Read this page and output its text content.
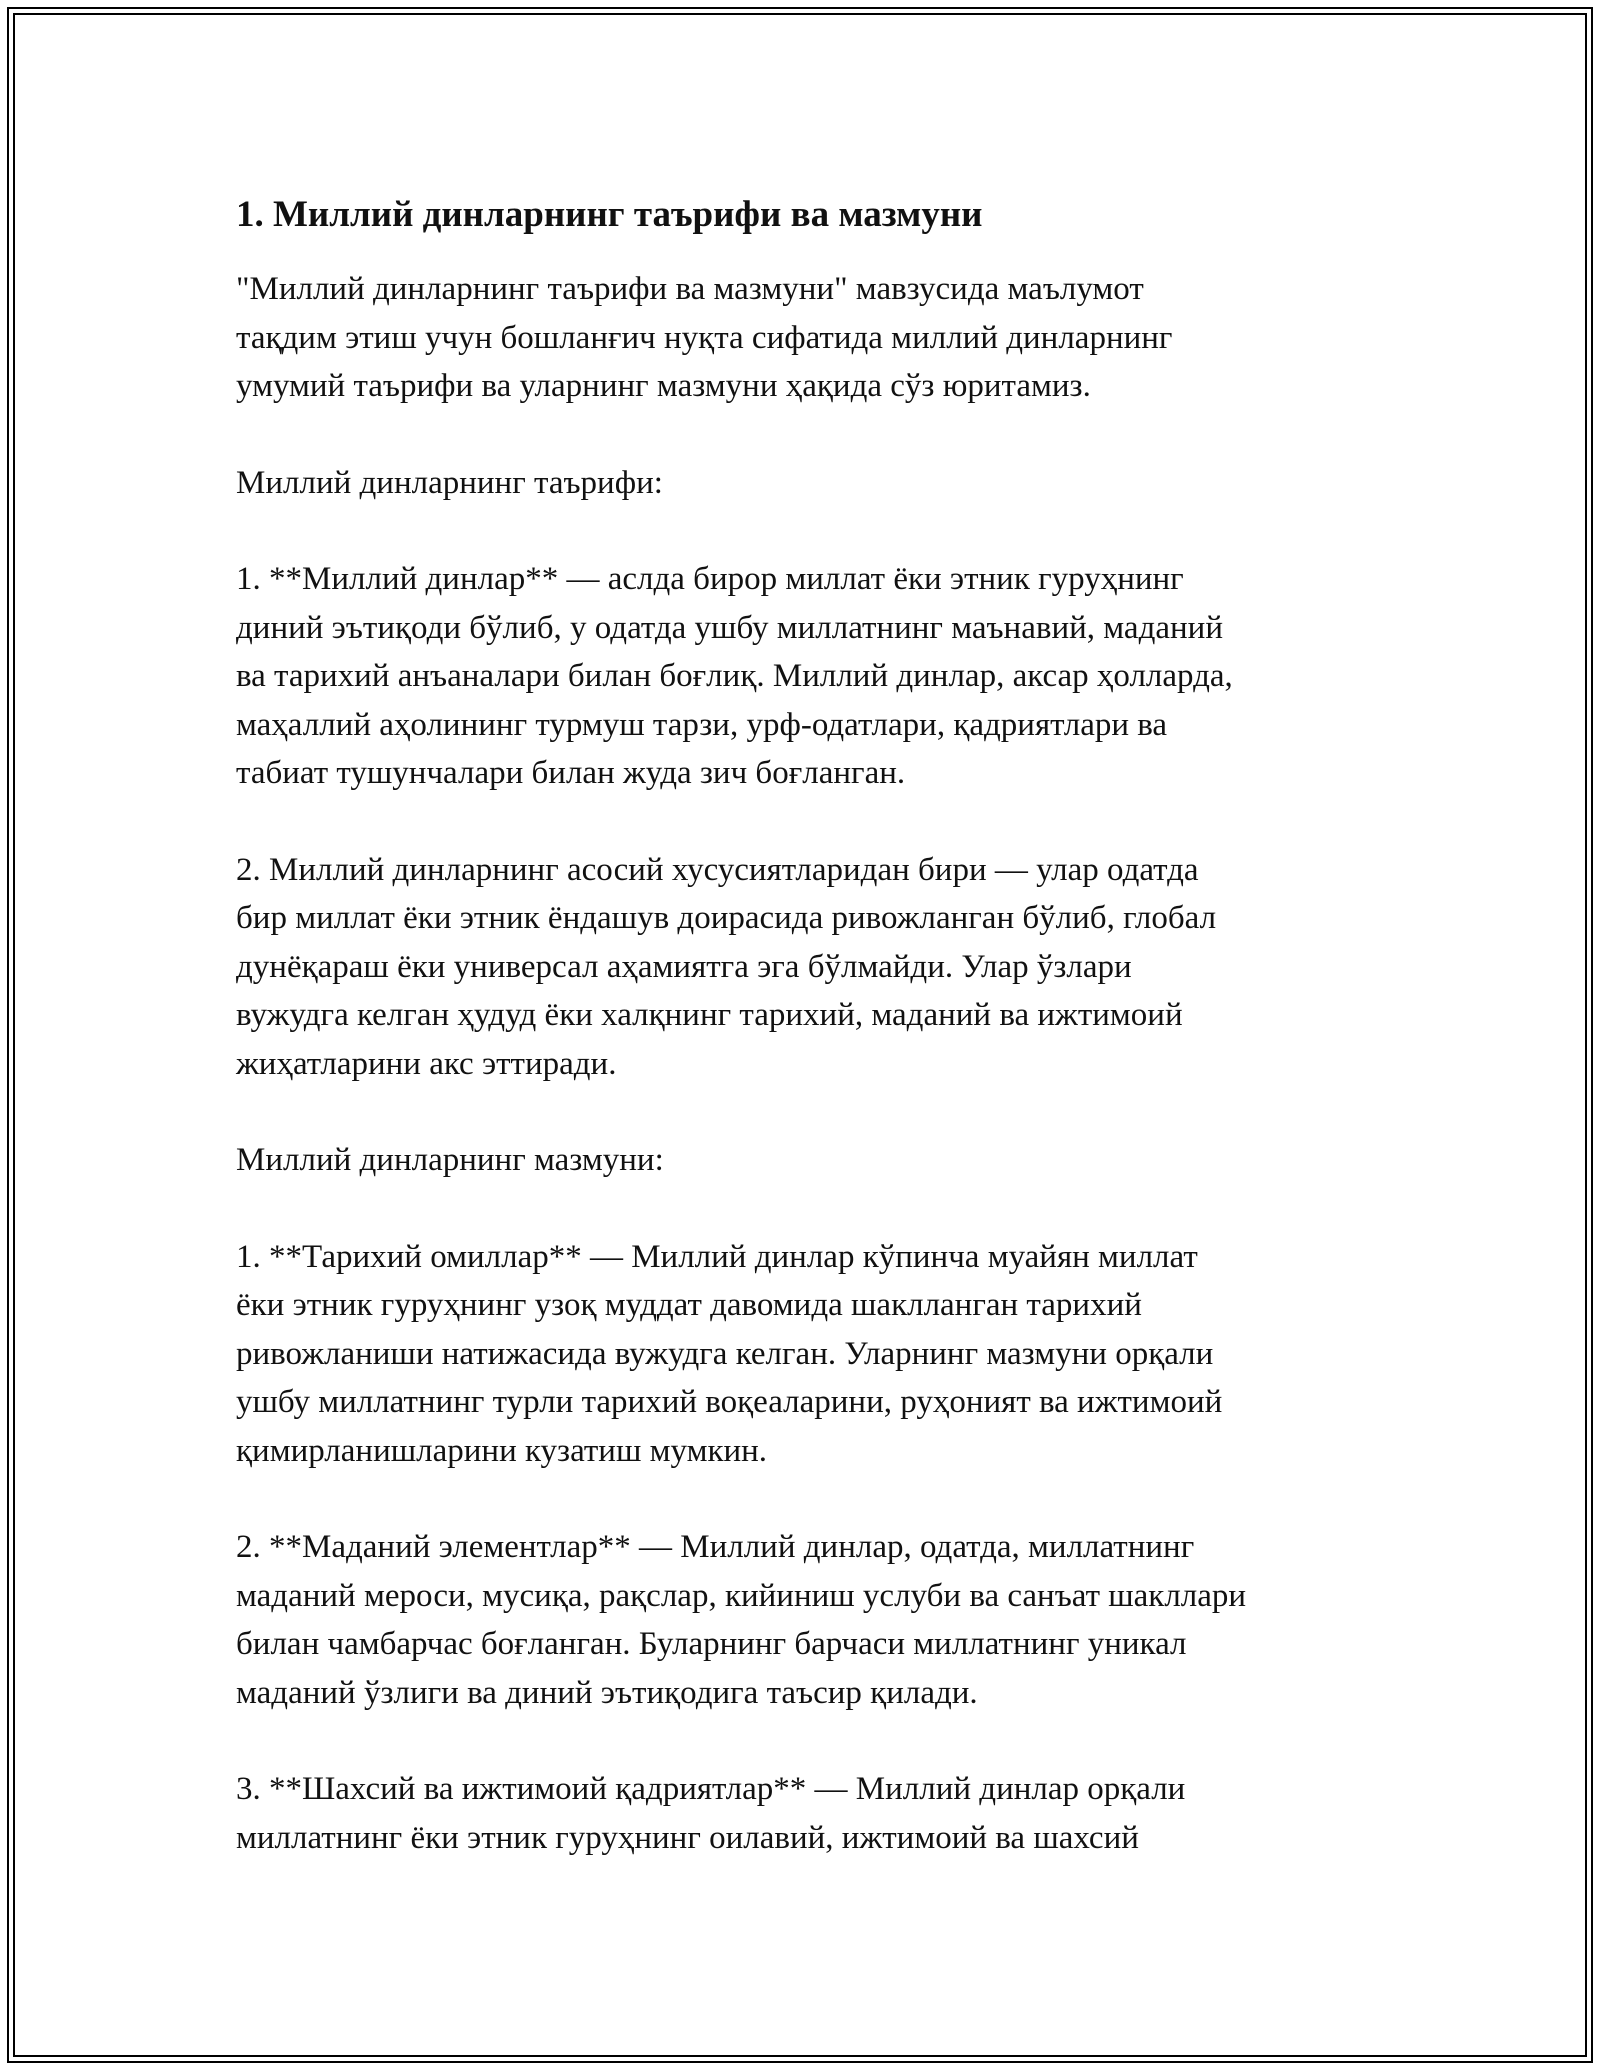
1. Миллий динларнинг таърифи ва мазмуни

"Миллий динларнинг таърифи ва мазмуни" мавзусида маълумот
тақдим этиш учун бошланғич нуқта сифатида миллий динларнинг
умумий таърифи ва уларнинг мазмуни ҳақида сўз юритамиз.

Миллий динларнинг таърифи:

1. **Миллий динлар** — аслда бирор миллат ёки этник гуруҳнинг
диний эътиқоди бўлиб, у одатда ушбу миллатнинг маънавий, маданий
ва тарихий анъаналари билан боғлиқ. Миллий динлар, аксар ҳолларда,
маҳаллий аҳолининг турмуш тарзи, урф-одатлари, қадриятлари ва
табиат тушунчалари билан жуда зич боғланган.

2. Миллий динларнинг асосий хусусиятларидан бири — улар одатда
бир миллат ёки этник ёндашув доирасида ривожланган бўлиб, глобал
дунёқараш ёки универсал аҳамиятга эга бўлмайди. Улар ўзлари
вужудга келган ҳудуд ёки халқнинг тарихий, маданий ва ижтимоий
жиҳатларини акс эттиради.

Миллий динларнинг мазмуни:

1. **Тарихий омиллар** — Миллий динлар кўпинча муайян миллат
ёки этник гуруҳнинг узоқ муддат давомида шаклланган тарихий
ривожланиши натижасида вужудга келган. Уларнинг мазмуни орқали
ушбу миллатнинг турли тарихий воқеаларини, руҳоният ва ижтимоий
қимирланишларини кузатиш мумкин.

2. **Маданий элементлар** — Миллий динлар, одатда, миллатнинг
маданий мероси, мусиқа, рақслар, кийиниш услуби ва санъат шакллари
билан чамбарчас боғланган. Буларнинг барчаси миллатнинг уникал
маданий ўзлиги ва диний эътиқодига таъсир қилади.

3. **Шахсий ва ижтимоий қадриятлар** — Миллий динлар орқали
миллатнинг ёки этник гуруҳнинг оилавий, ижтимоий ва шахсий
